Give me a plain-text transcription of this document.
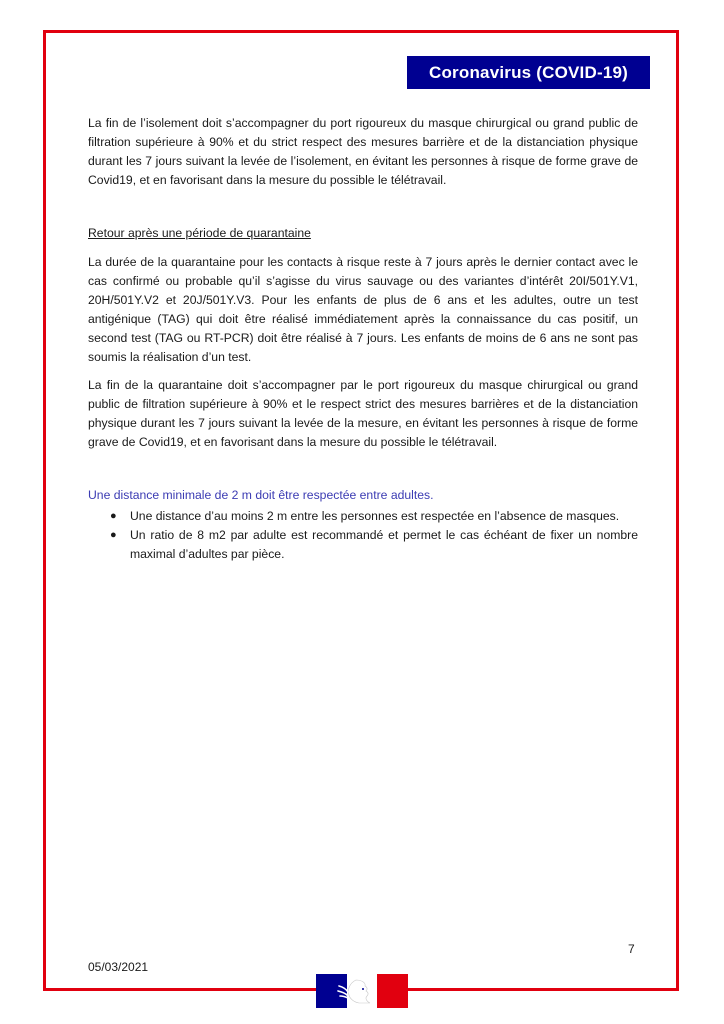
Coronavirus (COVID-19)

La fin de l’isolement doit s’accompagner du port rigoureux du masque chirurgical ou grand public de filtration supérieure à 90% et du strict respect des mesures barrière et de la distanciation physique durant les 7 jours suivant la levée de l’isolement, en évitant les personnes à risque de forme grave de Covid19, et en favorisant dans la mesure du possible le télétravail.

Retour après une période de quarantaine

La durée de la quarantaine pour les contacts à risque reste à 7 jours après le dernier contact avec le cas confirmé ou probable qu’il s’agisse du virus sauvage ou des variantes d’intérêt 20I/501Y.V1, 20H/501Y.V2 et 20J/501Y.V3. Pour les enfants de plus de 6 ans et les adultes, outre un test antigénique (TAG) qui doit être réalisé immédiatement après la connaissance du cas positif, un second test (TAG ou RT-PCR) doit être réalisé à 7 jours. Les enfants de moins de 6 ans ne sont pas soumis la réalisation d’un test.

La fin de la quarantaine doit s’accompagner par le port rigoureux du masque chirurgical ou grand public de filtration supérieure à 90% et le respect strict des mesures barrières et de la distanciation physique durant les 7 jours suivant la levée de la mesure, en évitant les personnes à risque de forme grave de Covid19, et en favorisant dans la mesure du possible le télétravail.

Une distance minimale de 2 m doit être respectée entre adultes.

● Une distance d’au moins 2 m entre les personnes est respectée en l’absence de masques.
● Un ratio de 8 m2 par adulte est recommandé et permet le cas échéant de fixer un nombre maximal d’adultes par pièce.
7
05/03/2021
